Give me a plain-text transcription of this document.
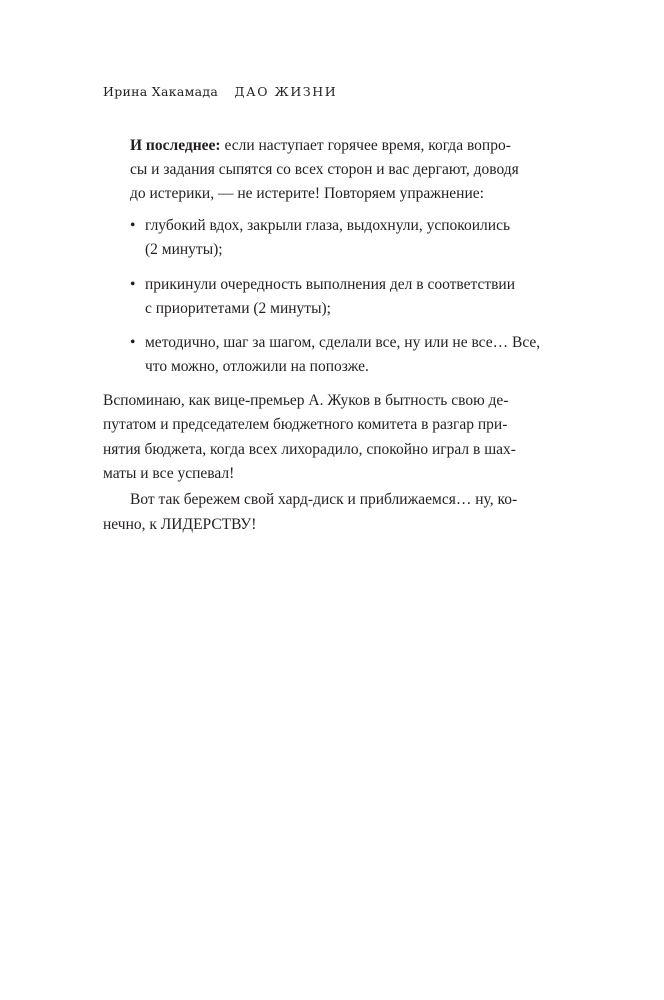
Ирина Хакамада ДАО ЖИЗНИ
И последнее: если наступает горячее время, когда вопро-
сы и задания сыпятся со всех сторон и вас дергают, доводя
до истерики, — не истерите! Повторяем упражнение:
• глубокий вдох, закрыли глаза, выдохнули, успокоились
(2 минуты);
• прикинули очередность выполнения дел в соответствии
с приоритетами (2 минуты);
• методично, шаг за шагом, сделали все, ну или не все… Все,
что можно, отложили на попозже.
Вспоминаю, как вице-премьер А. Жуков в бытность свою де-
путатом и председателем бюджетного комитета в разгар при-
нятия бюджета, когда всех лихорадило, спокойно играл в шах-
маты и все успевал!
Вот так бережем свой хард-диск и приближаемся… ну, ко-
нечно, к ЛИДЕРСТВУ!
